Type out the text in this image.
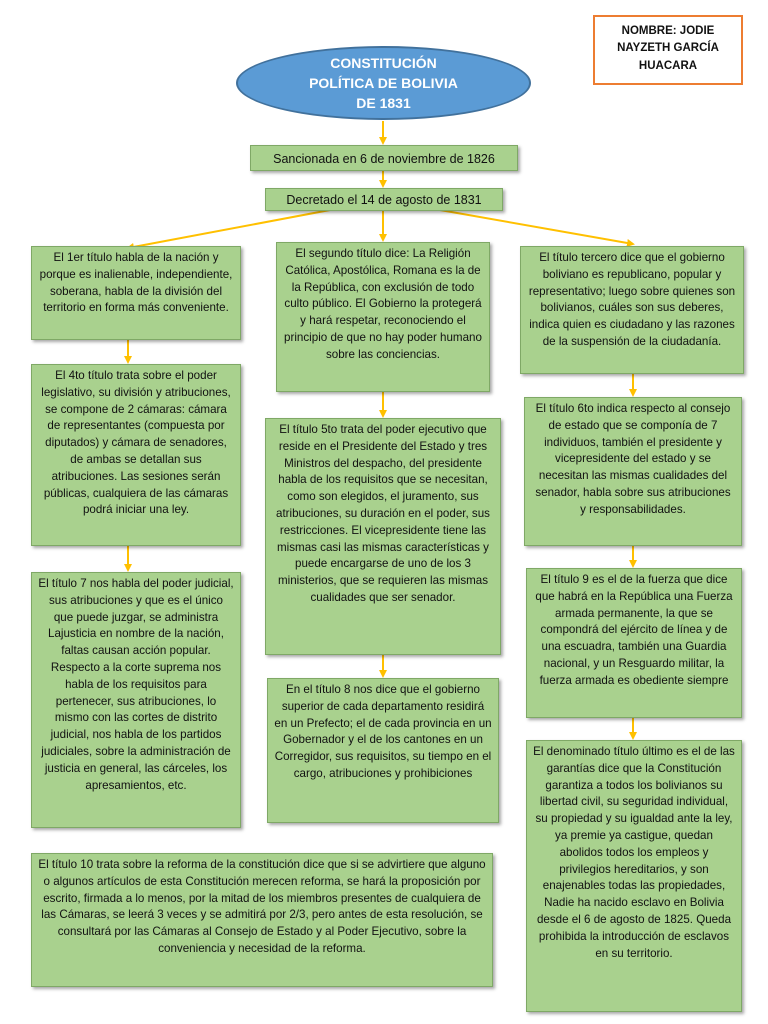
NOMBRE: JODIE NAYZETH GARCÍA HUACARA
CONSTITUCIÓN POLÍTICA DE BOLIVIA DE 1831
Sancionada en 6 de noviembre de 1826
Decretado el 14 de agosto de 1831
El 1er título habla de la nación y porque es inalienable, independiente, soberana, habla de la división del territorio en forma más conveniente.
El segundo título dice: La Religión Católica, Apostólica, Romana es la de la República, con exclusión de todo culto público. El Gobierno la protegerá y hará respetar, reconociendo el principio de que no hay poder humano sobre las conciencias.
El título tercero dice que el gobierno boliviano es republicano, popular y representativo; luego sobre quienes son bolivianos, cuáles son sus deberes, indica quien es ciudadano y las razones de la suspensión de la ciudadanía.
El 4to título trata sobre el poder legislativo, su división y atribuciones, se compone de 2 cámaras: cámara de representantes (compuesta por diputados) y cámara de senadores, de ambas se detallan sus atribuciones. Las sesiones serán públicas, cualquiera de las cámaras podrá iniciar una ley.
El título 5to trata del poder ejecutivo que reside en el Presidente del Estado y tres Ministros del despacho, del presidente habla de los requisitos que se necesitan, como son elegidos, el juramento, sus atribuciones, su duración en el poder, sus restricciones. El vicepresidente tiene las mismas casi las mismas características y puede encargarse de uno de los 3 ministerios, que se requieren las mismas cualidades que ser senador.
El título 6to indica respecto al consejo de estado que se componía de 7 individuos, también el presidente y vicepresidente del estado y se necesitan las mismas cualidades del senador, habla sobre sus atribuciones y responsabilidades.
El título 7 nos habla del poder judicial, sus atribuciones y que es el único que puede juzgar, se administra Lajusticia en nombre de la nación, faltas causan acción popular. Respecto a la corte suprema nos habla de los requisitos para pertenecer, sus atribuciones, lo mismo con las cortes de distrito judicial, nos habla de los partidos judiciales, sobre la administración de justicia en general, las cárceles, los apresamientos, etc.
En el título 8 nos dice que el gobierno superior de cada departamento residirá en un Prefecto; el de cada provincia en un Gobernador y el de los cantones en un Corregidor, sus requisitos, su tiempo en el cargo, atribuciones y prohibiciones
El título 9 es el de la fuerza que dice que habrá en la República una Fuerza armada permanente, la que se compondrá del ejército de línea y de una escuadra, también una Guardia nacional, y un Resguardo militar, la fuerza armada es obediente siempre
El título 10 trata sobre la reforma de la constitución dice que si se advirtiere que alguno o algunos artículos de esta Constitución merecen reforma, se hará la proposición por escrito, firmada a lo menos, por la mitad de los miembros presentes de cualquiera de las Cámaras, se leerá 3 veces y se admitirá por 2/3, pero antes de esta resolución, se consultará por las Cámaras al Consejo de Estado y al Poder Ejecutivo, sobre la conveniencia y necesidad de la reforma.
El denominado título último es el de las garantías dice que la Constitución garantiza a todos los bolivianos su libertad civil, su seguridad individual, su propiedad y su igualdad ante la ley, ya premie ya castigue, quedan abolidos todos los empleos y privilegios hereditarios, y son enajenables todas las propiedades, Nadie ha nacido esclavo en Bolivia desde el 6 de agosto de 1825. Queda prohibida la introducción de esclavos en su territorio.
